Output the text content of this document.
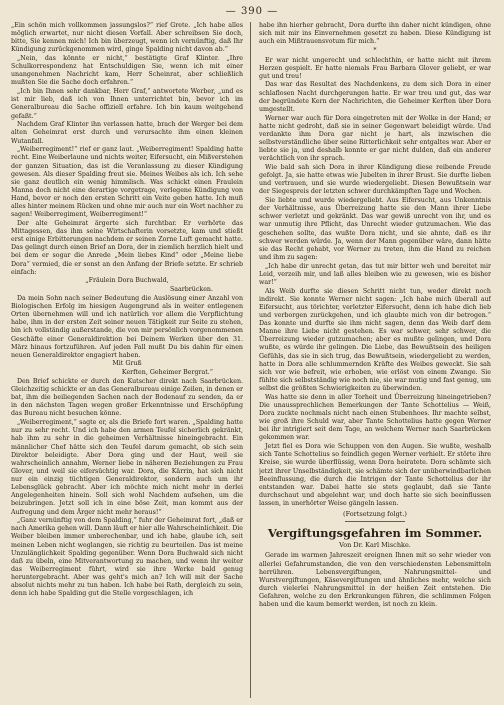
— 390 —

„Ein schön mich vollkommen jassungslos?“ rief Grete. „Ich habe alles möglich erwartet, nur nicht diesen Vorfall. Aber schreibsen Sie doch, bitte, Sie kennen mich! Ich bin überzeugt, wenn ich vernünftig, daß Ihr Kündigung zurückgenommen wird, ginge Spalding nicht davon ab.“

„Nein, das könnte er nicht,“ bestätigte Graf Klinter. „Ihre Schulkorrespondenz hat Entschuldigen Sie, wenn ich mit einer unangenehmen Nachricht kam, Herr Scheinrat, aber schließlich mußten Sie die Sache doch erfahren.“

„Ich bin Ihnen sehr dankbar, Herr Graf,“ antwortete Werber, „und es ist mir lieb, daß ich von Ihnen unterrichtet bin, bevor ich im Generalbureau die Sache offiziell erfahre. Ich bin kaum weitgehend gefaßt.“

Nachdem Graf Klinter ihn verlassen hatte, brach der Werger bei dem alten Geheimrat erst durch und verursachte ihm einen kleinen Wutanfall.

„Weiberregiment!“ rief er ganz laut. „Weiberregiment! Spalding hatte recht. Eine Weiberlaune und nichts weiter, Eifersucht, ein Mißverstehen der ganzen Situation, das ist die Veranlassung zu dieser Kündigung gewesen. Als dieser Spalding freut sie. Meines Weibes als ich. Ich sehe sie ganz deutlich ein wenig himmlisch. Was schickt einen Fraulein Manna doch nicht eine derartige vorgetrage, verlegene Kündigung von Hand, bevor er noch den ersten Schritt ein Veite geben hatte. Ich muß alles hinter meinem Rücken und ohne mir auch nur ein Wort nachher zu sagen! Weiberregiment, Weiberregiment!“

Der alte Geheimrat ärgerte sich furchtbar. Er verhörte das Mittagessen, das ihm seine Wirtschafterin vorsetzte, kam und stießt erst einige Erbitterungen nachdem er seinen Zorne Luft gemacht hatte. Das gelingt durch einen Brief an Dora, der in ziemlich herzlich hielt und bei dem er sogar die Anrede „Mein liebes Kind“ oder „Meine liebe Dora“ vermied, die er sonst an den Anfang der Briefe setzte. Er schrieb einfach:

„Fräulein Dora Buchwald,

Saarbrücken.

Da mein Sohn nach seiner Bedeutung die Auslösung einer Anzahl von Biologischen Erfolg im hiesigen Augengrund als in weiter entlegenen Orten übernehmen will und ich natürlich vor allem die Verpflichtung habe, ihm in der ersten Zeit seiner neuen Tätigkeit zur Seite zu stehen, bin ich vollständig außerstande, die von mir persönlich vorgenommenen Geschäfte einer Generaldirektion bei Deinem Werken über den 31. März hinaus fortzuführen. Auf jeden Fall mußt Du bis dahin für einen neuen Generaldirektor engagiert haben.

Mit Gruß

Kerften, Geheimer Bergrat.“

Den Brief schickte er durch den Kutscher direkt nach Saarbrücken. Gleichzeitig schickte er an das Generalbureau einige Zeilen, in denen er bat, ihm die beiliegenden Sachen nach der Bodenauf zu senden, da er in den nächsten Tagen wegen großer Erkenntnisse und Erschöpfung das Bureau nicht besuchen könne.

„Weiberregiment,“ sagte er, als die Briefe fort waren. „Spalding hatte nur zu sehr recht. Und ich habe den armen Teufel sicherlich gekränkt, hab ihm zu sehr in die geheimen Verhältnisse hineingebracht. Ein männlicher Chef hätte sich den Teufel darum gemacht, ob sich sein Direktor beleidigte. Aber Dora ging und der Haut, weil sie wahrscheinlich annahm, Werner liebe in näheren Beziehungen zu Frau Glover, und weil sie eifersüchtig war. Dora, die Kärrin, hat sich nicht nur ein einzig tüchtigen Generaldirektor, sondern auch um ihr Lebensglück gebracht. Aber ich möchte mich nicht mehr in derlei Angelegenheiten hinein. Soll sich wohl Nachdem aufsehen, um die beizubringen. Jetzt soll ich in eine böse Zeit, man kommt aus der Aufregung und dem Ärger nicht mehr heraus!“

„Ganz vernünftig von dem Spalding,“ fuhr der Geheimrat fort, „daß er nach Amerika gehen will. Dann läuft er hier alle Wahrscheinlichkeit. Die Weiber bleiben immer unberechenbar, und ich habe, glaube ich, seit meinen Leben nicht weglangen, sie richtig zu beurteilen. Das ist meine Unzulänglichkeit Spalding gegenüber. Wenn Dora Buchwald sich nicht daß zu übeln, eine Mitverantwortung zu machen, und wenn ihr weiter das Weiberregiment führt, wird sie ihre Werke bald genug heruntergebracht. Aber was geht's mich an? Ich will mit der Sache absolut nichts mehr zu tun haben. Ich habe bei Rath, dergleich zu sein, denn ich habe Spalding gut die Stelle vorgeschlagen, ich

habe ihn hierher gebracht, Dora durfte ihn daher nicht kündigen, ohne sich mit mir ins Einvernehmen gesetzt zu haben. Diese Kündigung ist auch ein Mißtrauensvotum für mich.“

*

Er war nicht ungerecht und schlechthin, er hatte nicht mit ihrem Herzen gespielt. Er hatte niemals Frau Barbara Glover geliebt, er war gut und treu!

Das war das Resultat des Nachdenkens, zu dem sich Dora in einer schlaflosen Nacht durchgerungen hatte. Er war treu und gut, das war der begründete Kern der Nachrichten, die Geheimer Kerften über Dora umgestellt.

Werner war auch für Dora eingetreten mit der Wolke in der Hand; er hatte nicht gedroht, daß sie in seiner Gegenwart beleidigt würde. Und verdankte ihm Dora gar nicht je hart, als inzwischen die selbstverständliche über seine Ritterlichkeit sehr entgaltes war. Aber er liebte sie ja, und deshalb konnte er gar nicht dulden, daß ein anderer verächtlich von ihr sprach.

Wie bald sah sich Dora in ihrer Kündigung diese reibende Freude gefolgt. Ja, sie hatte etwas wie Jubelten in ihrer Brust. Sie durfte lieben und vertrauen, und sie wurde wiedergeliebt. Diesen Bewußtsein war der Siegespreis der letzten schwer durchkämpften Tage und Wochen.

Sie liebte und wurde wiedergeliebt. Aus Eifersucht, aus Unkenntnis der Verhältnisse, aus Überreizung hatte sie den Mann ihrer Liebe schwer verletzt und gekränkt. Das war gewiß unrecht von ihr, und es war unmutig ihre Pflicht, das Unrecht wieder gutzumachen. Wie das geschehen sollte, das wußte Dora nicht, und sie ahnte, daß es ihr schwer werden würde. Ja, wenn der Mann gegenüber wäre, dann hätte sie das Recht gehabt, vor Werner zu treten, ihm die Hand zu reichen und ihm zu sagen:

„Ich habe dir unrecht getan, das tut mir bitter weh und bereitet mir Leid, verzeih mir, und laß alles bleiben wie zu gewesen, wie es bisher war!“

Als Weib durfte sie diesen Schritt nicht tun, weder direkt noch indirekt. Sie konnte Werner nicht sagen: „Ich habe mich überall auf Eifersucht, aus törichter, verletzter Eifersucht, denn ich habe dich lieb und verborgen zurückgehen, und ich glaubte mich von dir betrogen.“ Das konnte und durfte sie ihm nicht sagen, denn das Weib darf dem Manne ihre Liebe nicht gestehen. Es war schwer, sehr schwer, die Überreizung wieder gutzumachen; aber es mußte gelingen, und Dora wußte, es würde ihr gelingen. Die Liebe, das Bewußtsein des heiligen Gefühls, das sie in sich trug, das Bewußtsein, wiedergeliebt zu werden, hatte in Dora alle schlummernden Kräfte des Weibes geweckt. Sie sah sich vor wie befreit, wie erhoben, wie erlöst von einem Zwange. Sie fühlte sich selbstständig wie noch nie, sie war mutig und fast genug, um selbst die größten Schwierigkeiten zu überwinden.

Was hatte sie denn in aller Torheit und Überreizung hineingetrieben? Die unaussprechlichen Bemerkungen der Tante Schottelius — Weiß, Dora zuckte nochmals nicht nach einen Stubenhoes. Ihr machte selbst, wie groß ihre Schuld war, aber Tante Schottelius hatte gegen Werner bei ihr intrigiert seit dem Tage, an welchem Werner nach Saarbrücken gekommen war.

Jetzt fiel es Dora wie Schuppen von den Augen. Sie wußte, weshalb sich Tante Schottelius so feindlich gegen Werner verhielt. Er störte ihre Kreise, sie wurde überflüssig, wenn Dora heiratete. Dora schämte sich jetzt ihrer Unselbständigkeit, sie schämte sich der unüberwindbarlichen Beeinflussung, die durch die Intrigen der Tante Schottelius der ihr entstanden war. Dabei hatte sie stets geglaubt, daß sie Tante durchschaut und abgelehnt war, und doch hatte sie sich beeinflussen lassen, in unerhörter Weise gängeln lassen.

(Fortsetzung folgt.)
Vergiftungsgefahren im Sommer.
Von Dr. Karl Mischke.

Gerade im warmen Jahreszeit ereignen Ihnen mit so sehr wieder von allerlei Gefahrumstanden, die von den verschiedensten Lebensmitteln herrühren. Lebensvergiftungen, Nahrungsmittel- und Wurstvergiftungen, Käsevergiftungen und ähnliches mehr, welche sich durch vielerlei Nahrungsmittel in der heißen Zeit entstehen. Die Gefahren, welche zu den Erkrankungen führen, die schlimmen Folgen haben und die kaum bemerkt werden, ist noch zu klein.
